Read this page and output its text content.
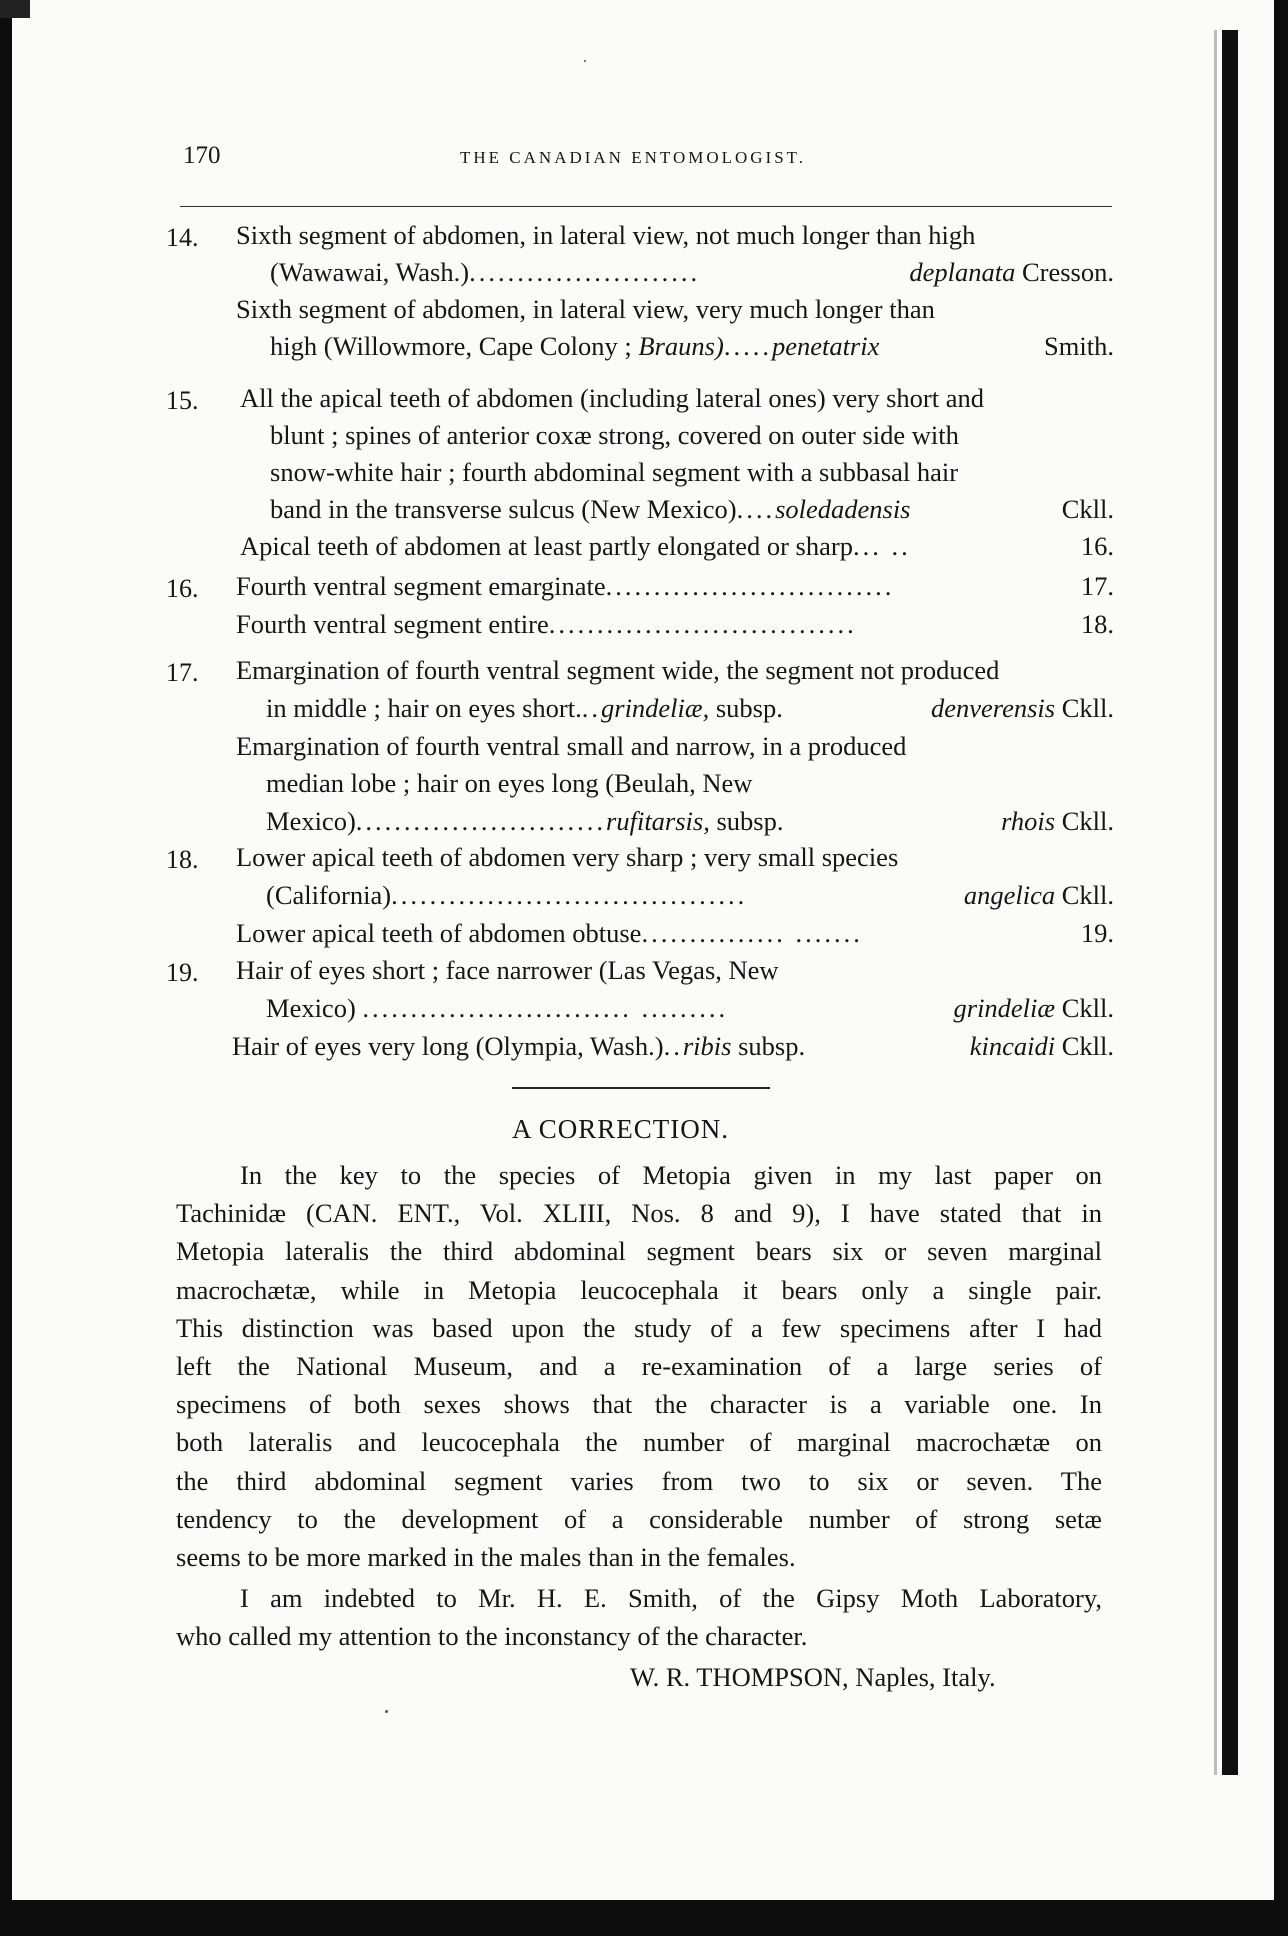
170	THE CANADIAN ENTOMOLOGIST.
14. Sixth segment of abdomen, in lateral view, not much longer than high
(Wawawai, Wash.)........................	deplanata Cresson.
Sixth segment of abdomen, in lateral view, very much longer than
high (Willowmore, Cape Colony ; Brauns).....penetatrix	Smith.
15. All the apical teeth of abdomen (including lateral ones) very short and
blunt ; spines of anterior coxæ strong, covered on outer side with
snow-white hair ; fourth abdominal segment with a subbasal hair
band in the transverse sulcus (New Mexico)....soledadensis	Ckll.
Apical teeth of abdomen at least partly elongated or sharp... ..	16.
16. Fourth ventral segment emarginate..............................	17.
Fourth ventral segment entire................................	18.
17. Emargination of fourth ventral segment wide, the segment not produced
in middle ; hair on eyes short...grindeliæ, subsp.	denverensis Ckll.
Emargination of fourth ventral small and narrow, in a produced
median lobe ; hair on eyes long (Beulah, New
Mexico)..........................rufitarsis, subsp.	rhois Ckll.
18. Lower apical teeth of abdomen very sharp ; very small species
(California).....................................	angelica Ckll.
Lower apical teeth of abdomen obtuse............... .......	19.
19. Hair of eyes short ; face narrower (Las Vegas, New
Mexico) ............................ .........	grindeliæ Ckll.
Hair of eyes very long (Olympia, Wash.)..ribis subsp.	kincaidi Ckll.
A CORRECTION.
In the key to the species of Metopia given in my last paper on
Tachinidæ (CAN. ENT., Vol. XLIII, Nos. 8 and 9), I have stated that in
Metopia lateralis the third abdominal segment bears six or seven marginal
macrochætæ, while in Metopia leucocephala it bears only a single pair.
This distinction was based upon the study of a few specimens after I had
left the National Museum, and a re-examination of a large series of
specimens of both sexes shows that the character is a variable one. In
both lateralis and leucocephala the number of marginal macrochætæ on
the third abdominal segment varies from two to six or seven. The
tendency to the development of a considerable number of strong setæ
seems to be more marked in the males than in the females.
I am indebted to Mr. H. E. Smith, of the Gipsy Moth Laboratory,
who called my attention to the inconstancy of the character.
W. R. THOMPSON, Naples, Italy.
